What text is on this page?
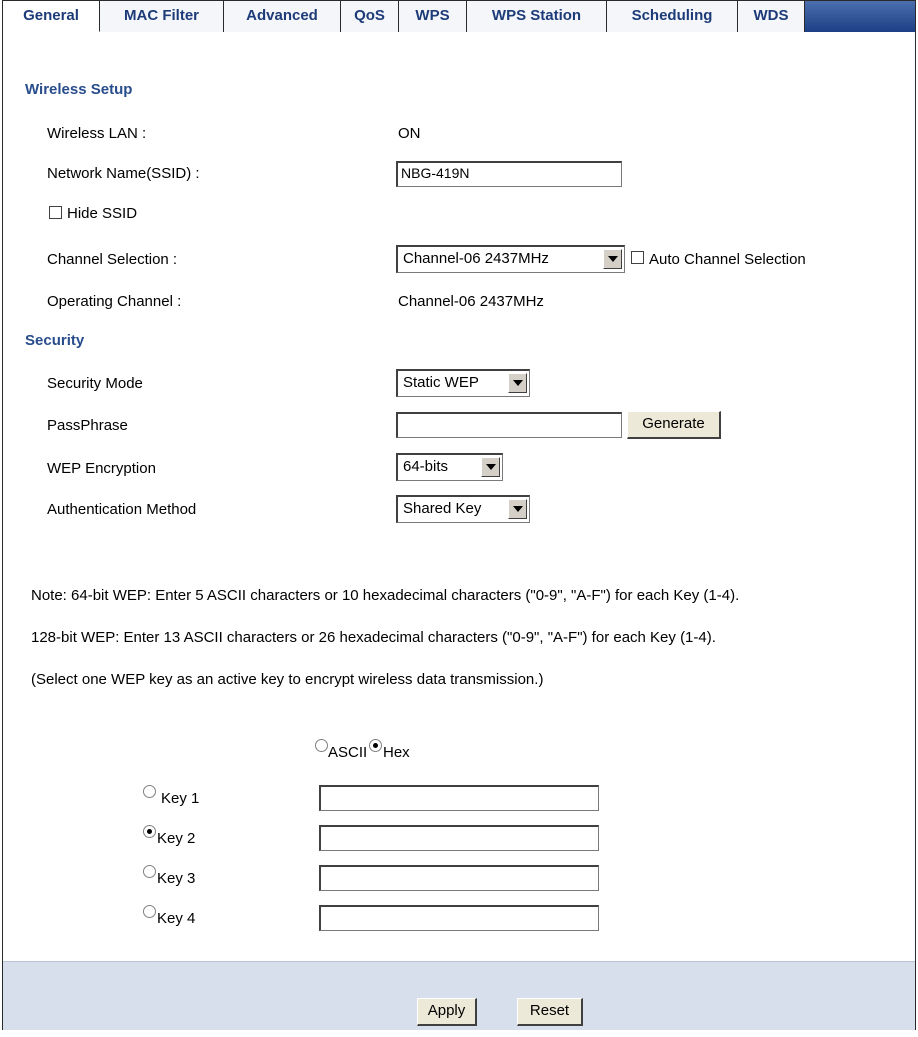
General	MAC Filter	Advanced	QoS	WPS	WPS Station	Scheduling	WDS
Wireless Setup
Wireless LAN :	ON
Network Name(SSID) :	NBG-419N
Hide SSID
Channel Selection :	Channel-06 2437MHz	Auto Channel Selection
Operating Channel :	Channel-06 2437MHz
Security
Security Mode	Static WEP
PassPhrase	Generate
WEP Encryption	64-bits
Authentication Method	Shared Key
Note: 64-bit WEP: Enter 5 ASCII characters or 10 hexadecimal characters ("0-9", "A-F") for each Key (1-4).
128-bit WEP: Enter 13 ASCII characters or 26 hexadecimal characters ("0-9", "A-F") for each Key (1-4).
(Select one WEP key as an active key to encrypt wireless data transmission.)
ASCII Hex
Key 1
Key 2
Key 3
Key 4
Apply	Reset
